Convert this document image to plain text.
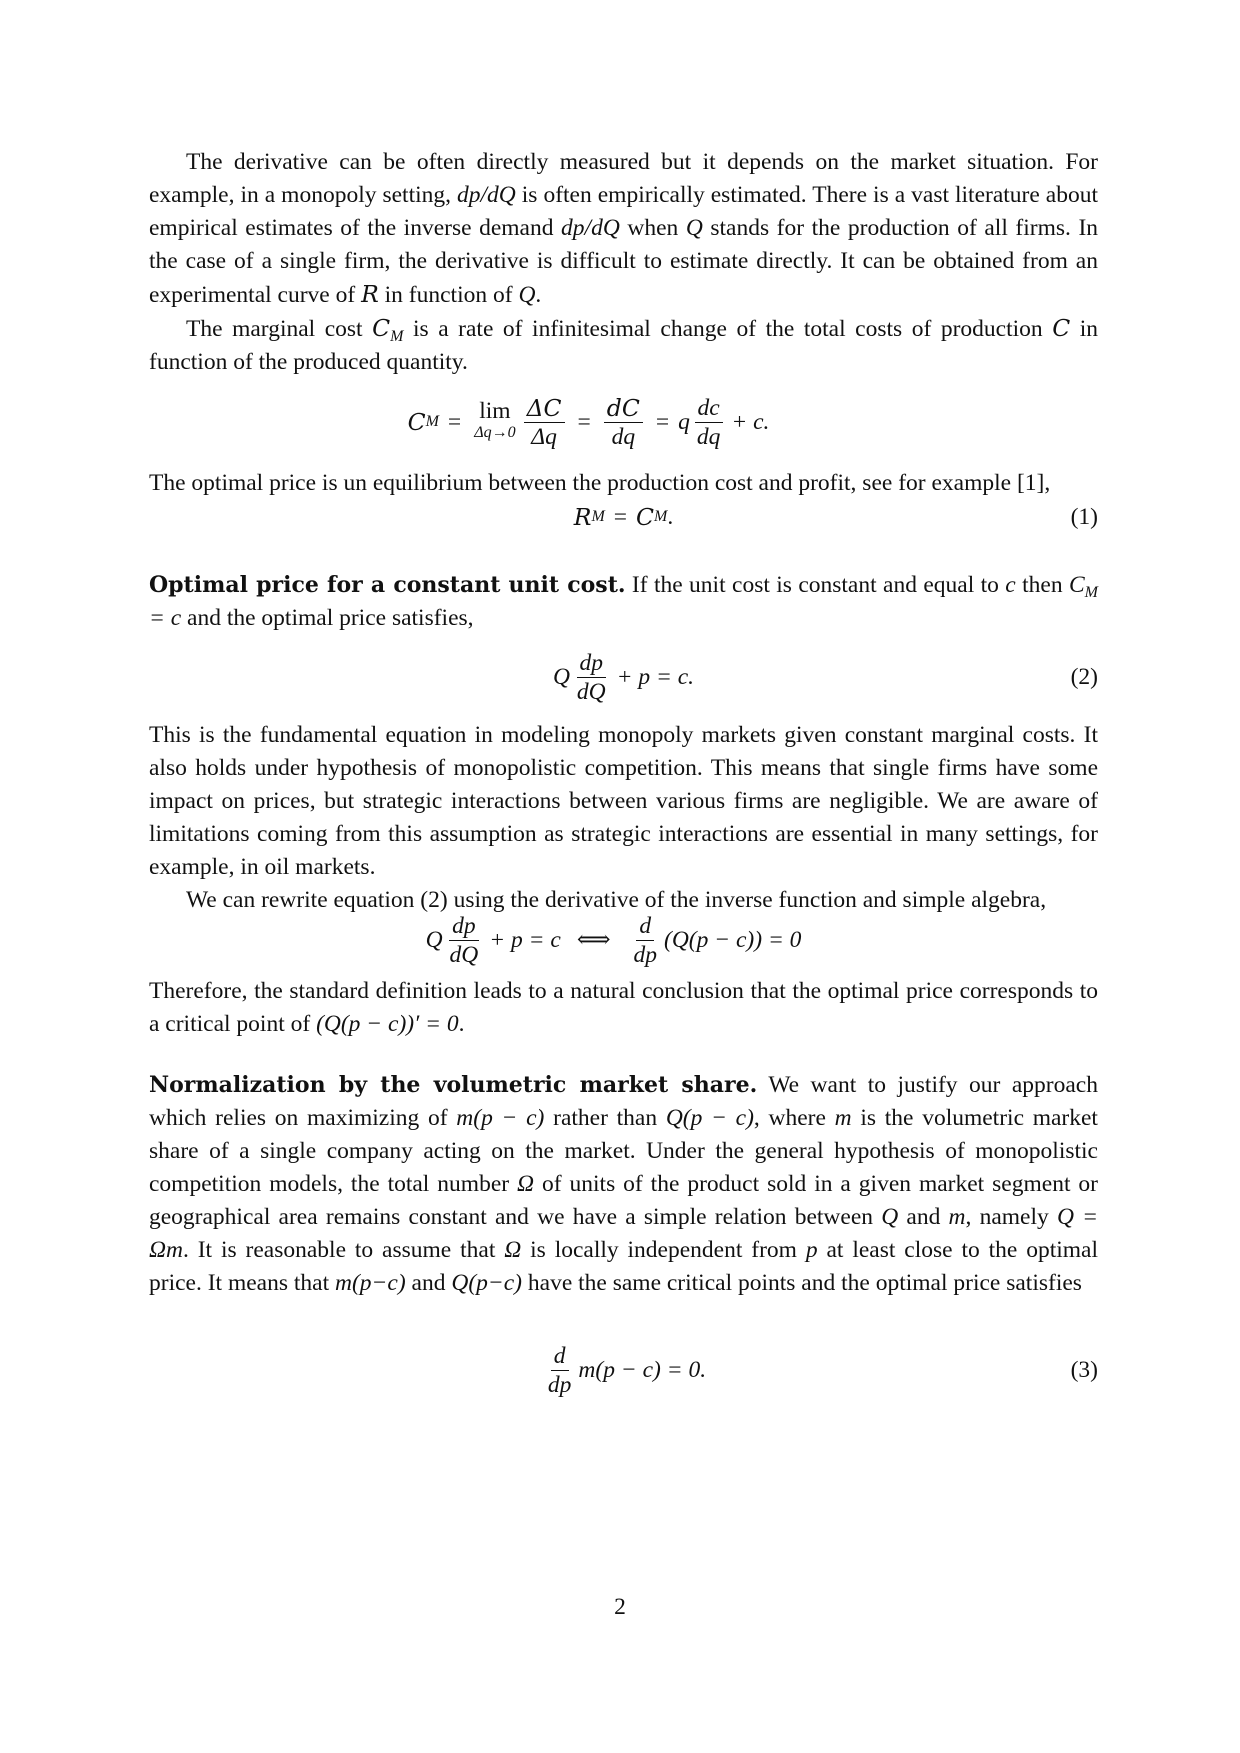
The derivative can be often directly measured but it depends on the market situation. For example, in a monopoly setting, dp/dQ is often empirically estimated. There is a vast literature about empirical estimates of the inverse demand dp/dQ when Q stands for the production of all firms. In the case of a single firm, the derivative is difficult to estimate directly. It can be obtained from an experimental curve of R in function of Q.

The marginal cost $C_M$ is a rate of infinitesimal change of the total costs of production C in function of the produced quantity.

C M = lim
$\Delta q\to 0 \frac{\Delta C}{\Delta q} = \frac{dC}{dq} = q \frac{dc}{dq} + c$.

The optimal price is un equilibrium between the production cost and profit, see for example [1],

R M = C M .	(1)

Optimal price for a constant unit cost. If the unit cost is constant and equal to c then $C_M = c$ and the optimal price satisfies,

Q $\frac{dp}{dQ} + p = c$.	(2)

This is the fundamental equation in modeling monopoly markets given constant marginal costs. It also holds under hypothesis of monopolistic competition. This means that single firms have some impact on prices, but strategic interactions between various firms are negligible. We are aware of limitations coming from this assumption as strategic interactions are essential in many settings, for example, in oil markets.

We can rewrite equation (2) using the derivative of the inverse function and simple algebra,

Q $\frac{dp}{dQ} + p = c$ ⟺ $\frac{d}{dp} (Q(p - c)) = 0$

Therefore, the standard definition leads to a natural conclusion that the optimal price corresponds to a critical point of (Q(p − c))′ = 0.

Normalization by the volumetric market share. We want to justify our approach which relies on maximizing of m(p − c) rather than Q(p − c), where m is the volumetric market share of a single company acting on the market. Under the general hypothesis of monopolistic competition models, the total number Ω of units of the product sold in a given market segment or geographical area remains constant and we have a simple relation between Q and m, namely Q = Ωm. It is reasonable to assume that Ω is locally independent from p at least close to the optimal price. It means that m(p−c) and Q(p−c) have the same critical points and the optimal price satisfies

$\frac{d}{dp} m(p - c) = 0$.	(3)
2
